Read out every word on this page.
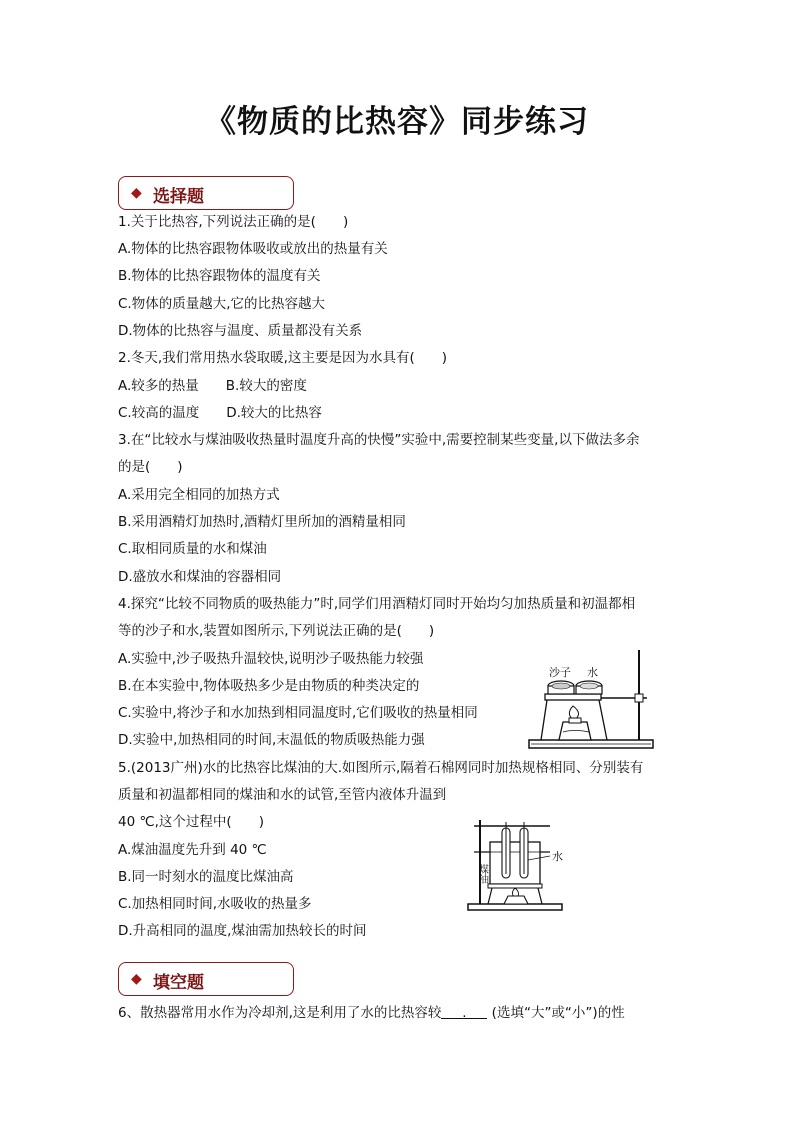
《物质的比热容》同步练习
◆ 选择题
1.关于比热容,下列说法正确的是(　　)
A.物体的比热容跟物体吸收或放出的热量有关
B.物体的比热容跟物体的温度有关
C.物体的质量越大,它的比热容越大
D.物体的比热容与温度、质量都没有关系
2.冬天,我们常用热水袋取暖,这主要是因为水具有(　　)
A.较多的热量　　B.较大的密度
C.较高的温度　　D.较大的比热容
3.在“比较水与煤油吸收热量时温度升高的快慢”实验中,需要控制某些变量,以下做法多余
的是(　　)
A.采用完全相同的加热方式
B.采用酒精灯加热时,酒精灯里所加的酒精量相同
C.取相同质量的水和煤油
D.盛放水和煤油的容器相同
4.探究“比较不同物质的吸热能力”时,同学们用酒精灯同时开始均匀加热质量和初温都相
等的沙子和水,装置如图所示,下列说法正确的是(　　)
A.实验中,沙子吸热升温较快,说明沙子吸热能力较强
B.在本实验中,物体吸热多少是由物质的种类决定的
C.实验中,将沙子和水加热到相同温度时,它们吸收的热量相同
D.实验中,加热相同的时间,末温低的物质吸热能力强
沙子 水
5.(2013广州)水的比热容比煤油的大.如图所示,隔着石棉网同时加热规格相同、分别装有
质量和初温都相同的煤油和水的试管,至管内液体升温到
40 ℃,这个过程中(　　)
A.煤油温度先升到 40 ℃
B.同一时刻水的温度比煤油高
C.加热相同时间,水吸收的热量多
D.升高相同的温度,煤油需加热较长的时间
煤油
水
◆ 填空题
6、散热器常用水作为冷却剂,这是利用了水的比热容较 . (选填“大”或“小”)的性
